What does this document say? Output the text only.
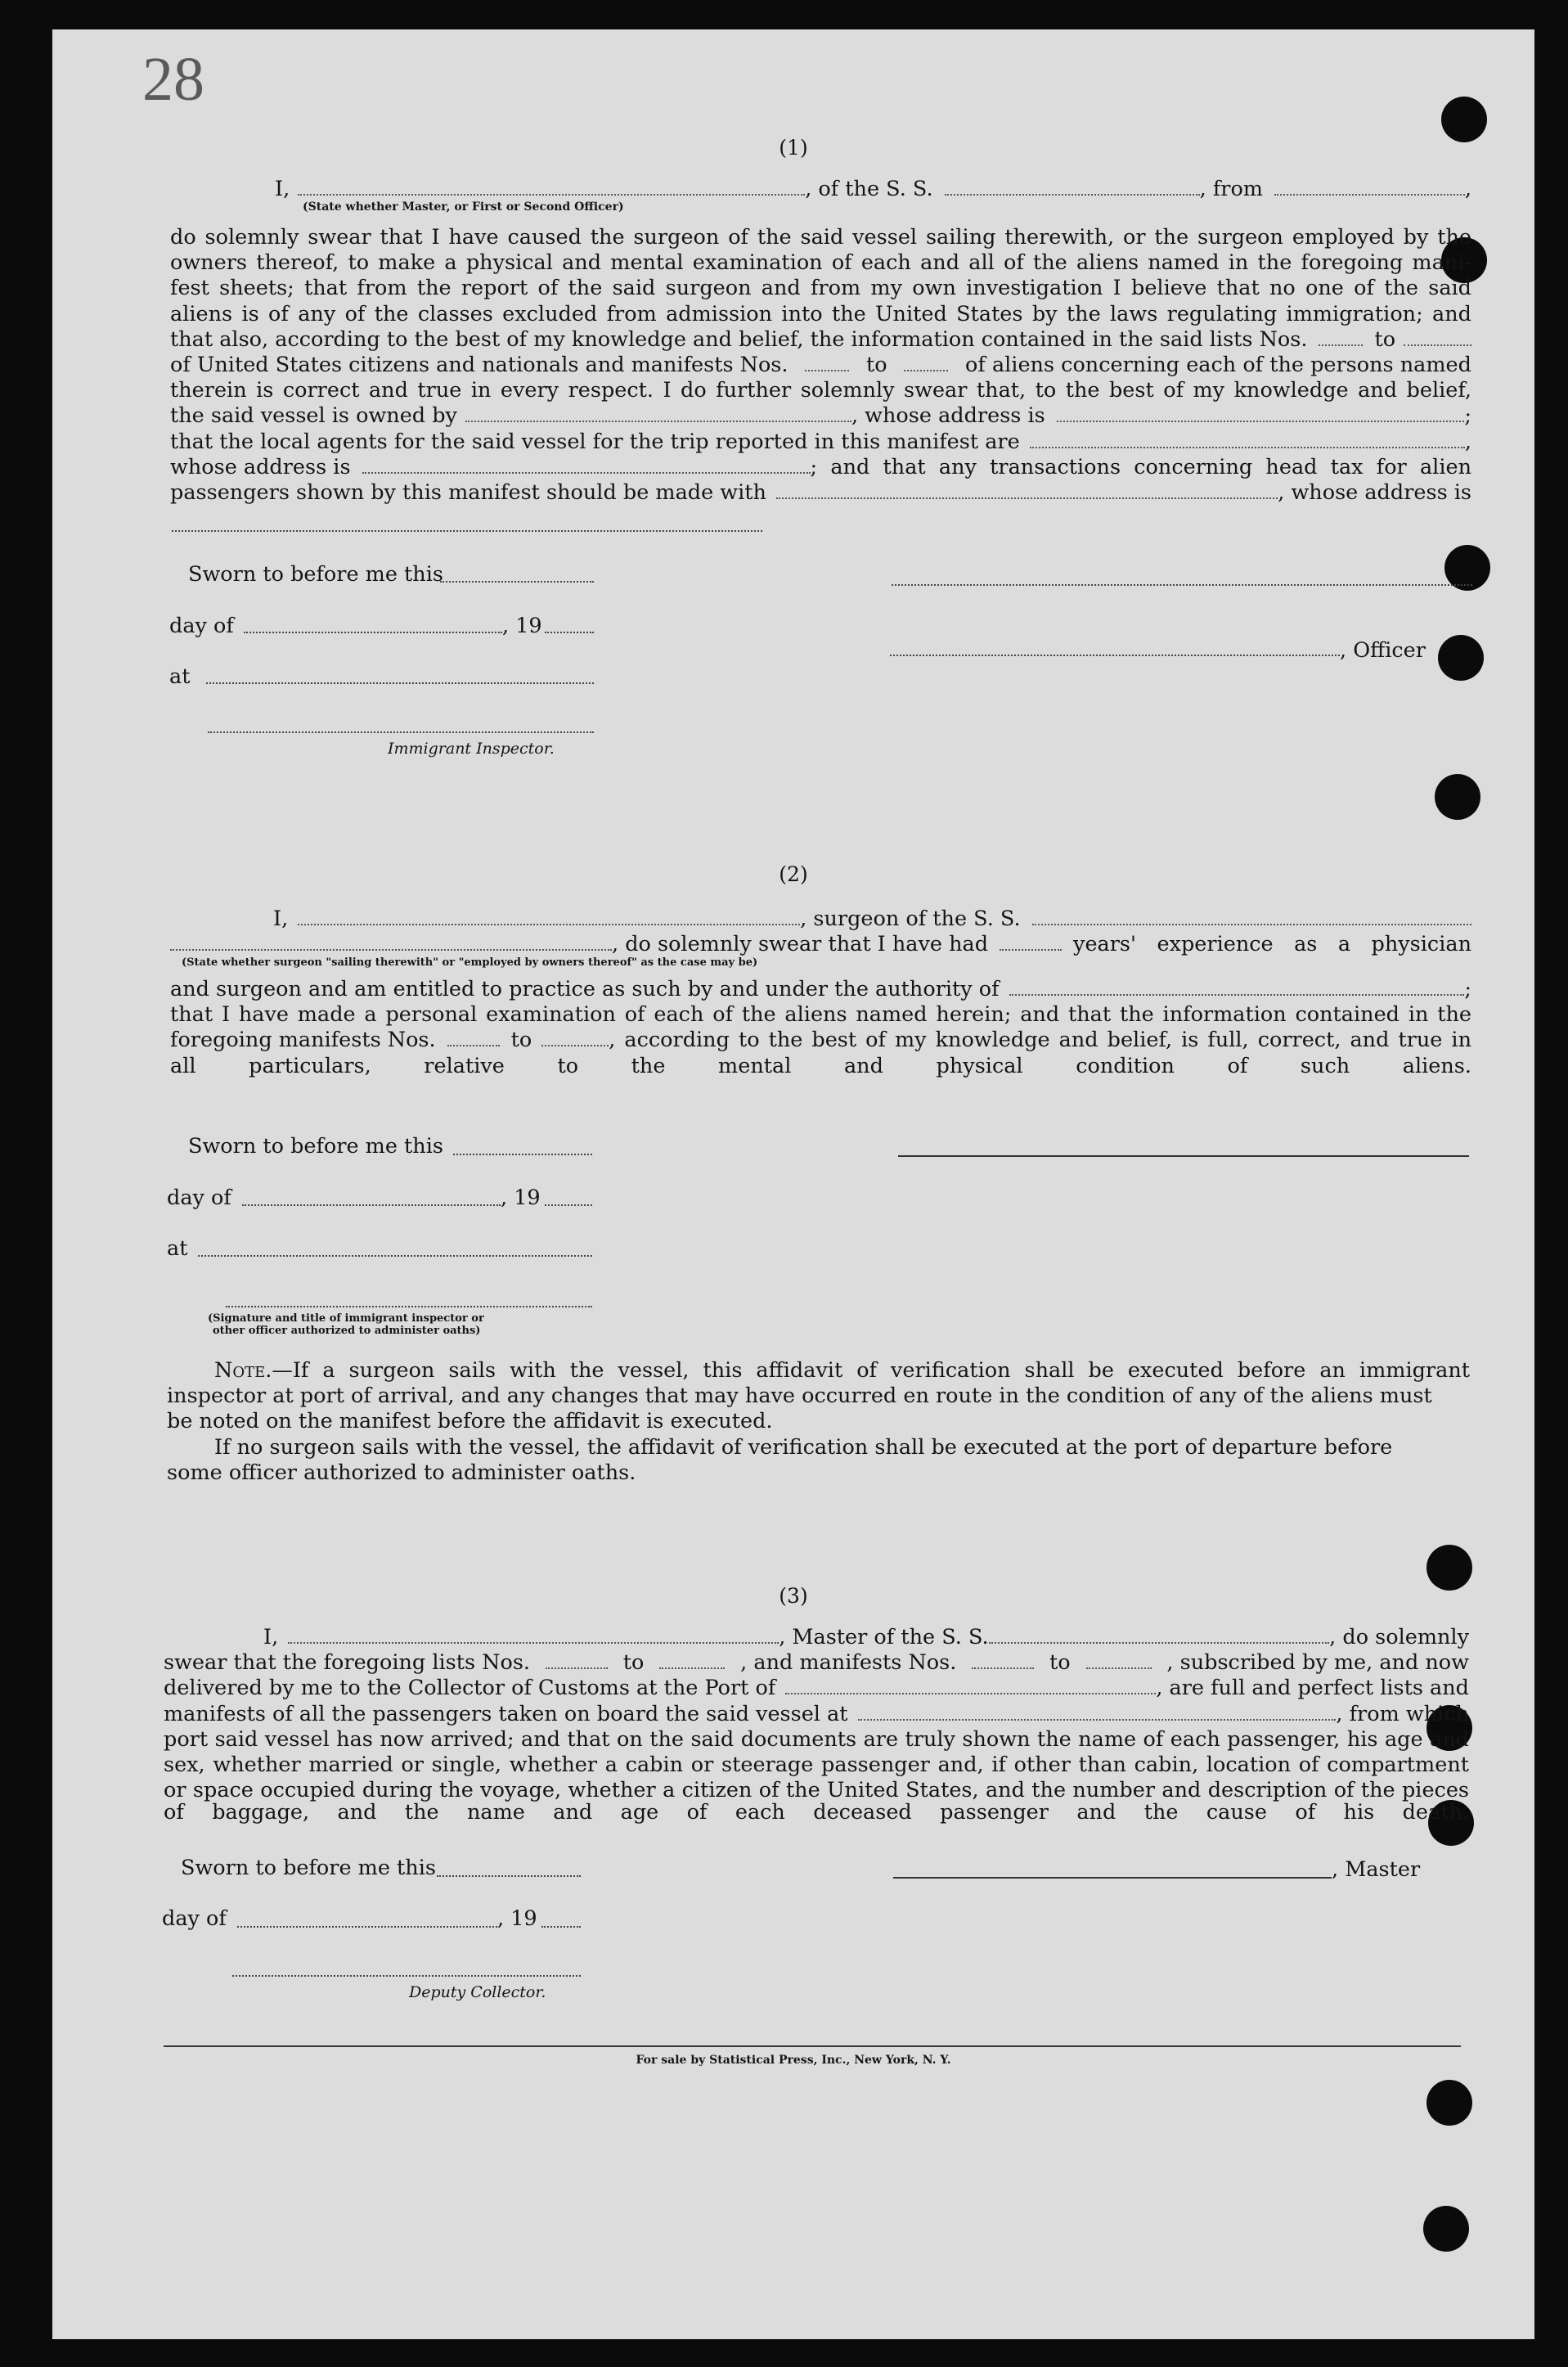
28
(1)
I,	, of the S. S.	, from	,
(State whether Master, or First or Second Officer)
do solemnly swear that I have caused the surgeon of the said vessel sailing therewith, or the surgeon employed by the
owners thereof, to make a physical and mental examination of each and all of the aliens named in the foregoing mani-
fest sheets; that from the report of the said surgeon and from my own investigation I believe that no one of the said
aliens is of any of the classes excluded from admission into the United States by the laws regulating immigration; and
that also, according to the best of my knowledge and belief, the information contained in the said lists Nos.	to
of United States citizens and nationals and manifests Nos.	to	of aliens concerning each of the persons named
therein is correct and true in every respect. I do further solemnly swear that, to the best of my knowledge and belief,
the said vessel is owned by	, whose address is	;
that the local agents for the said vessel for the trip reported in this manifest are	,
whose address is	; and that any transactions concerning head tax for alien
passengers shown by this manifest should be made with	, whose address is
Sworn to before me this
day of	, 19
, Officer
at
Immigrant Inspector.
(2)
I,	, surgeon of the S. S.
, do solemnly swear that I have had	years' experience as a physician
(State whether surgeon "sailing therewith" or "employed by owners thereof" as the case may be)
and surgeon and am entitled to practice as such by and under the authority of	;
that I have made a personal examination of each of the aliens named herein; and that the information contained in the
foregoing manifests Nos.	to	, according to the best of my knowledge and belief, is full, correct, and true in
all particulars, relative to the mental and physical condition of such aliens.
Sworn to before me this
day of	, 19
at
(Signature and title of immigrant inspector or
other officer authorized to administer oaths)
Note.—If a surgeon sails with the vessel, this affidavit of verification shall be executed before an immigrant
inspector at port of arrival, and any changes that may have occurred en route in the condition of any of the aliens must
be noted on the manifest before the affidavit is executed.
If no surgeon sails with the vessel, the affidavit of verification shall be executed at the port of departure before
some officer authorized to administer oaths.
(3)
I,	, Master of the S. S.	, do solemnly
swear that the foregoing lists Nos.	to	, and manifests Nos.	to	, subscribed by me, and now
delivered by me to the Collector of Customs at the Port of	, are full and perfect lists and
manifests of all the passengers taken on board the said vessel at	, from which
port said vessel has now arrived; and that on the said documents are truly shown the name of each passenger, his age and
sex, whether married or single, whether a cabin or steerage passenger and, if other than cabin, location of compartment
or space occupied during the voyage, whether a citizen of the United States, and the number and description of the pieces
of baggage, and the name and age of each deceased passenger and the cause of his death.
Sworn to before me this	, Master
day of	, 19
Deputy Collector.
For sale by Statistical Press, Inc., New York, N. Y.
